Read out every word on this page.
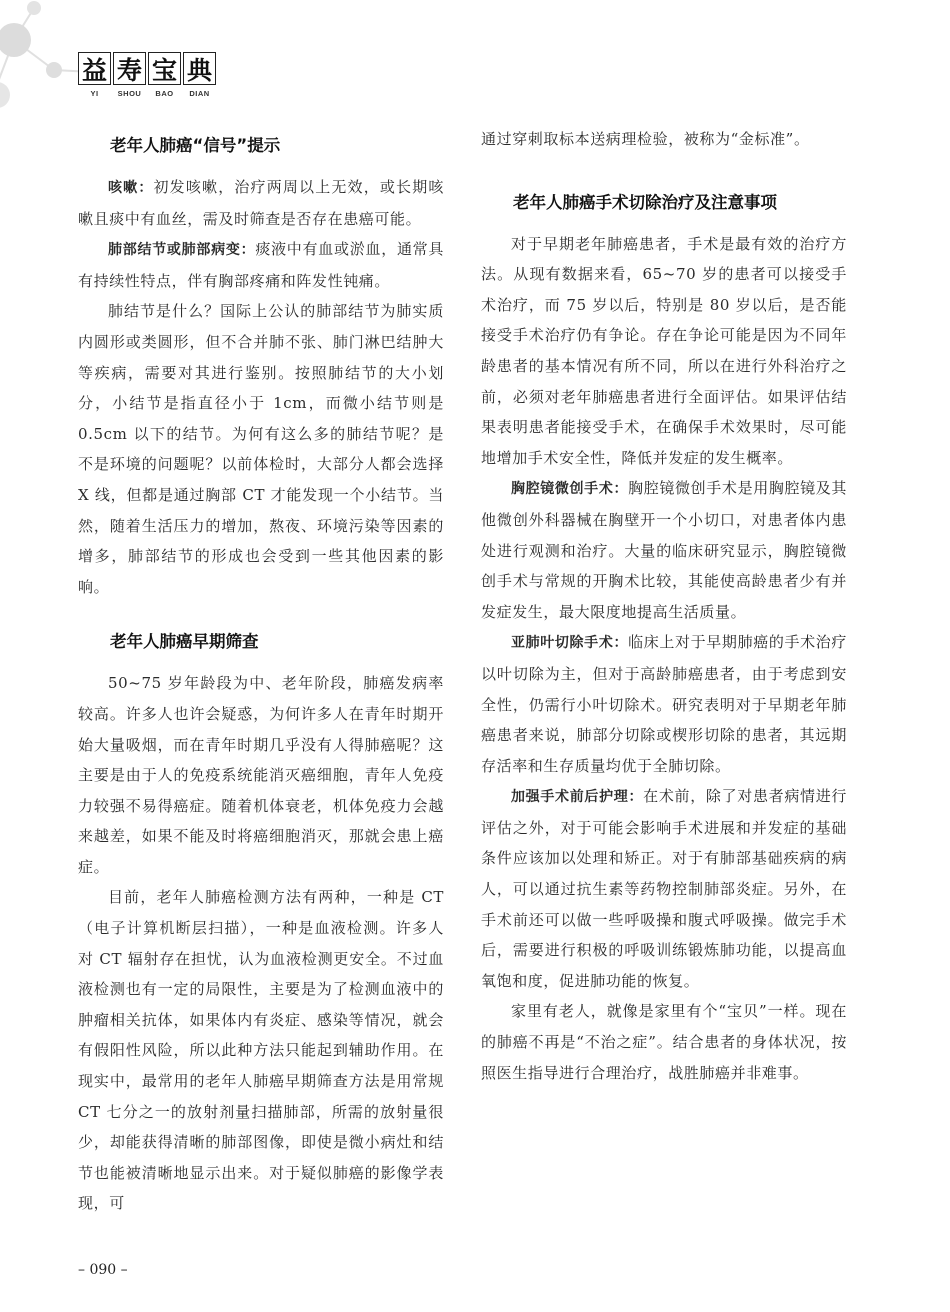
益 寿 宝 典
YI	SHOU	BAO	DIAN
老年人肺癌“信号”提示

咳嗽：初发咳嗽，治疗两周以上无效，或长期咳嗽且痰中有血丝，需及时筛查是否存在患癌可能。

肺部结节或肺部病变：痰液中有血或淤血，通常具有持续性特点，伴有胸部疼痛和阵发性钝痛。

肺结节是什么？国际上公认的肺部结节为肺实质内圆形或类圆形，但不合并肺不张、肺门淋巴结肿大等疾病，需要对其进行鉴别。按照肺结节的大小划分，小结节是指直径小于 1cm，而微小结节则是 0.5cm 以下的结节。为何有这么多的肺结节呢？是不是环境的问题呢？以前体检时，大部分人都会选择 X 线，但都是通过胸部 CT 才能发现一个小结节。当然，随着生活压力的增加，熬夜、环境污染等因素的增多，肺部结节的形成也会受到一些其他因素的影响。

老年人肺癌早期筛查

50~75 岁年龄段为中、老年阶段，肺癌发病率较高。许多人也许会疑惑，为何许多人在青年时期开始大量吸烟，而在青年时期几乎没有人得肺癌呢？这主要是由于人的免疫系统能消灭癌细胞，青年人免疫力较强不易得癌症。随着机体衰老，机体免疫力会越来越差，如果不能及时将癌细胞消灭，那就会患上癌症。

目前，老年人肺癌检测方法有两种，一种是 CT（电子计算机断层扫描），一种是血液检测。许多人对 CT 辐射存在担忧，认为血液检测更安全。不过血液检测也有一定的局限性，主要是为了检测血液中的肿瘤相关抗体，如果体内有炎症、感染等情况，就会有假阳性风险，所以此种方法只能起到辅助作用。在现实中，最常用的老年人肺癌早期筛查方法是用常规 CT 七分之一的放射剂量扫描肺部，所需的放射量很少，却能获得清晰的肺部图像，即使是微小病灶和结节也能被清晰地显示出来。对于疑似肺癌的影像学表现，可

通过穿刺取标本送病理检验，被称为“金标准”。

老年人肺癌手术切除治疗及注意事项

对于早期老年肺癌患者，手术是最有效的治疗方法。从现有数据来看，65~70 岁的患者可以接受手术治疗，而 75 岁以后，特别是 80 岁以后，是否能接受手术治疗仍有争论。存在争论可能是因为不同年龄患者的基本情况有所不同，所以在进行外科治疗之前，必须对老年肺癌患者进行全面评估。如果评估结果表明患者能接受手术，在确保手术效果时，尽可能地增加手术安全性，降低并发症的发生概率。

胸腔镜微创手术：胸腔镜微创手术是用胸腔镜及其他微创外科器械在胸壁开一个小切口，对患者体内患处进行观测和治疗。大量的临床研究显示，胸腔镜微创手术与常规的开胸术比较，其能使高龄患者少有并发症发生，最大限度地提高生活质量。

亚肺叶切除手术：临床上对于早期肺癌的手术治疗以叶切除为主，但对于高龄肺癌患者，由于考虑到安全性，仍需行小叶切除术。研究表明对于早期老年肺癌患者来说，肺部分切除或楔形切除的患者，其远期存活率和生存质量均优于全肺切除。

加强手术前后护理：在术前，除了对患者病情进行评估之外，对于可能会影响手术进展和并发症的基础条件应该加以处理和矫正。对于有肺部基础疾病的病人，可以通过抗生素等药物控制肺部炎症。另外，在手术前还可以做一些呼吸操和腹式呼吸操。做完手术后，需要进行积极的呼吸训练锻炼肺功能，以提高血氧饱和度，促进肺功能的恢复。

家里有老人，就像是家里有个“宝贝”一样。现在的肺癌不再是“不治之症”。结合患者的身体状况，按照医生指导进行合理治疗，战胜肺癌并非难事。

– 090 –
